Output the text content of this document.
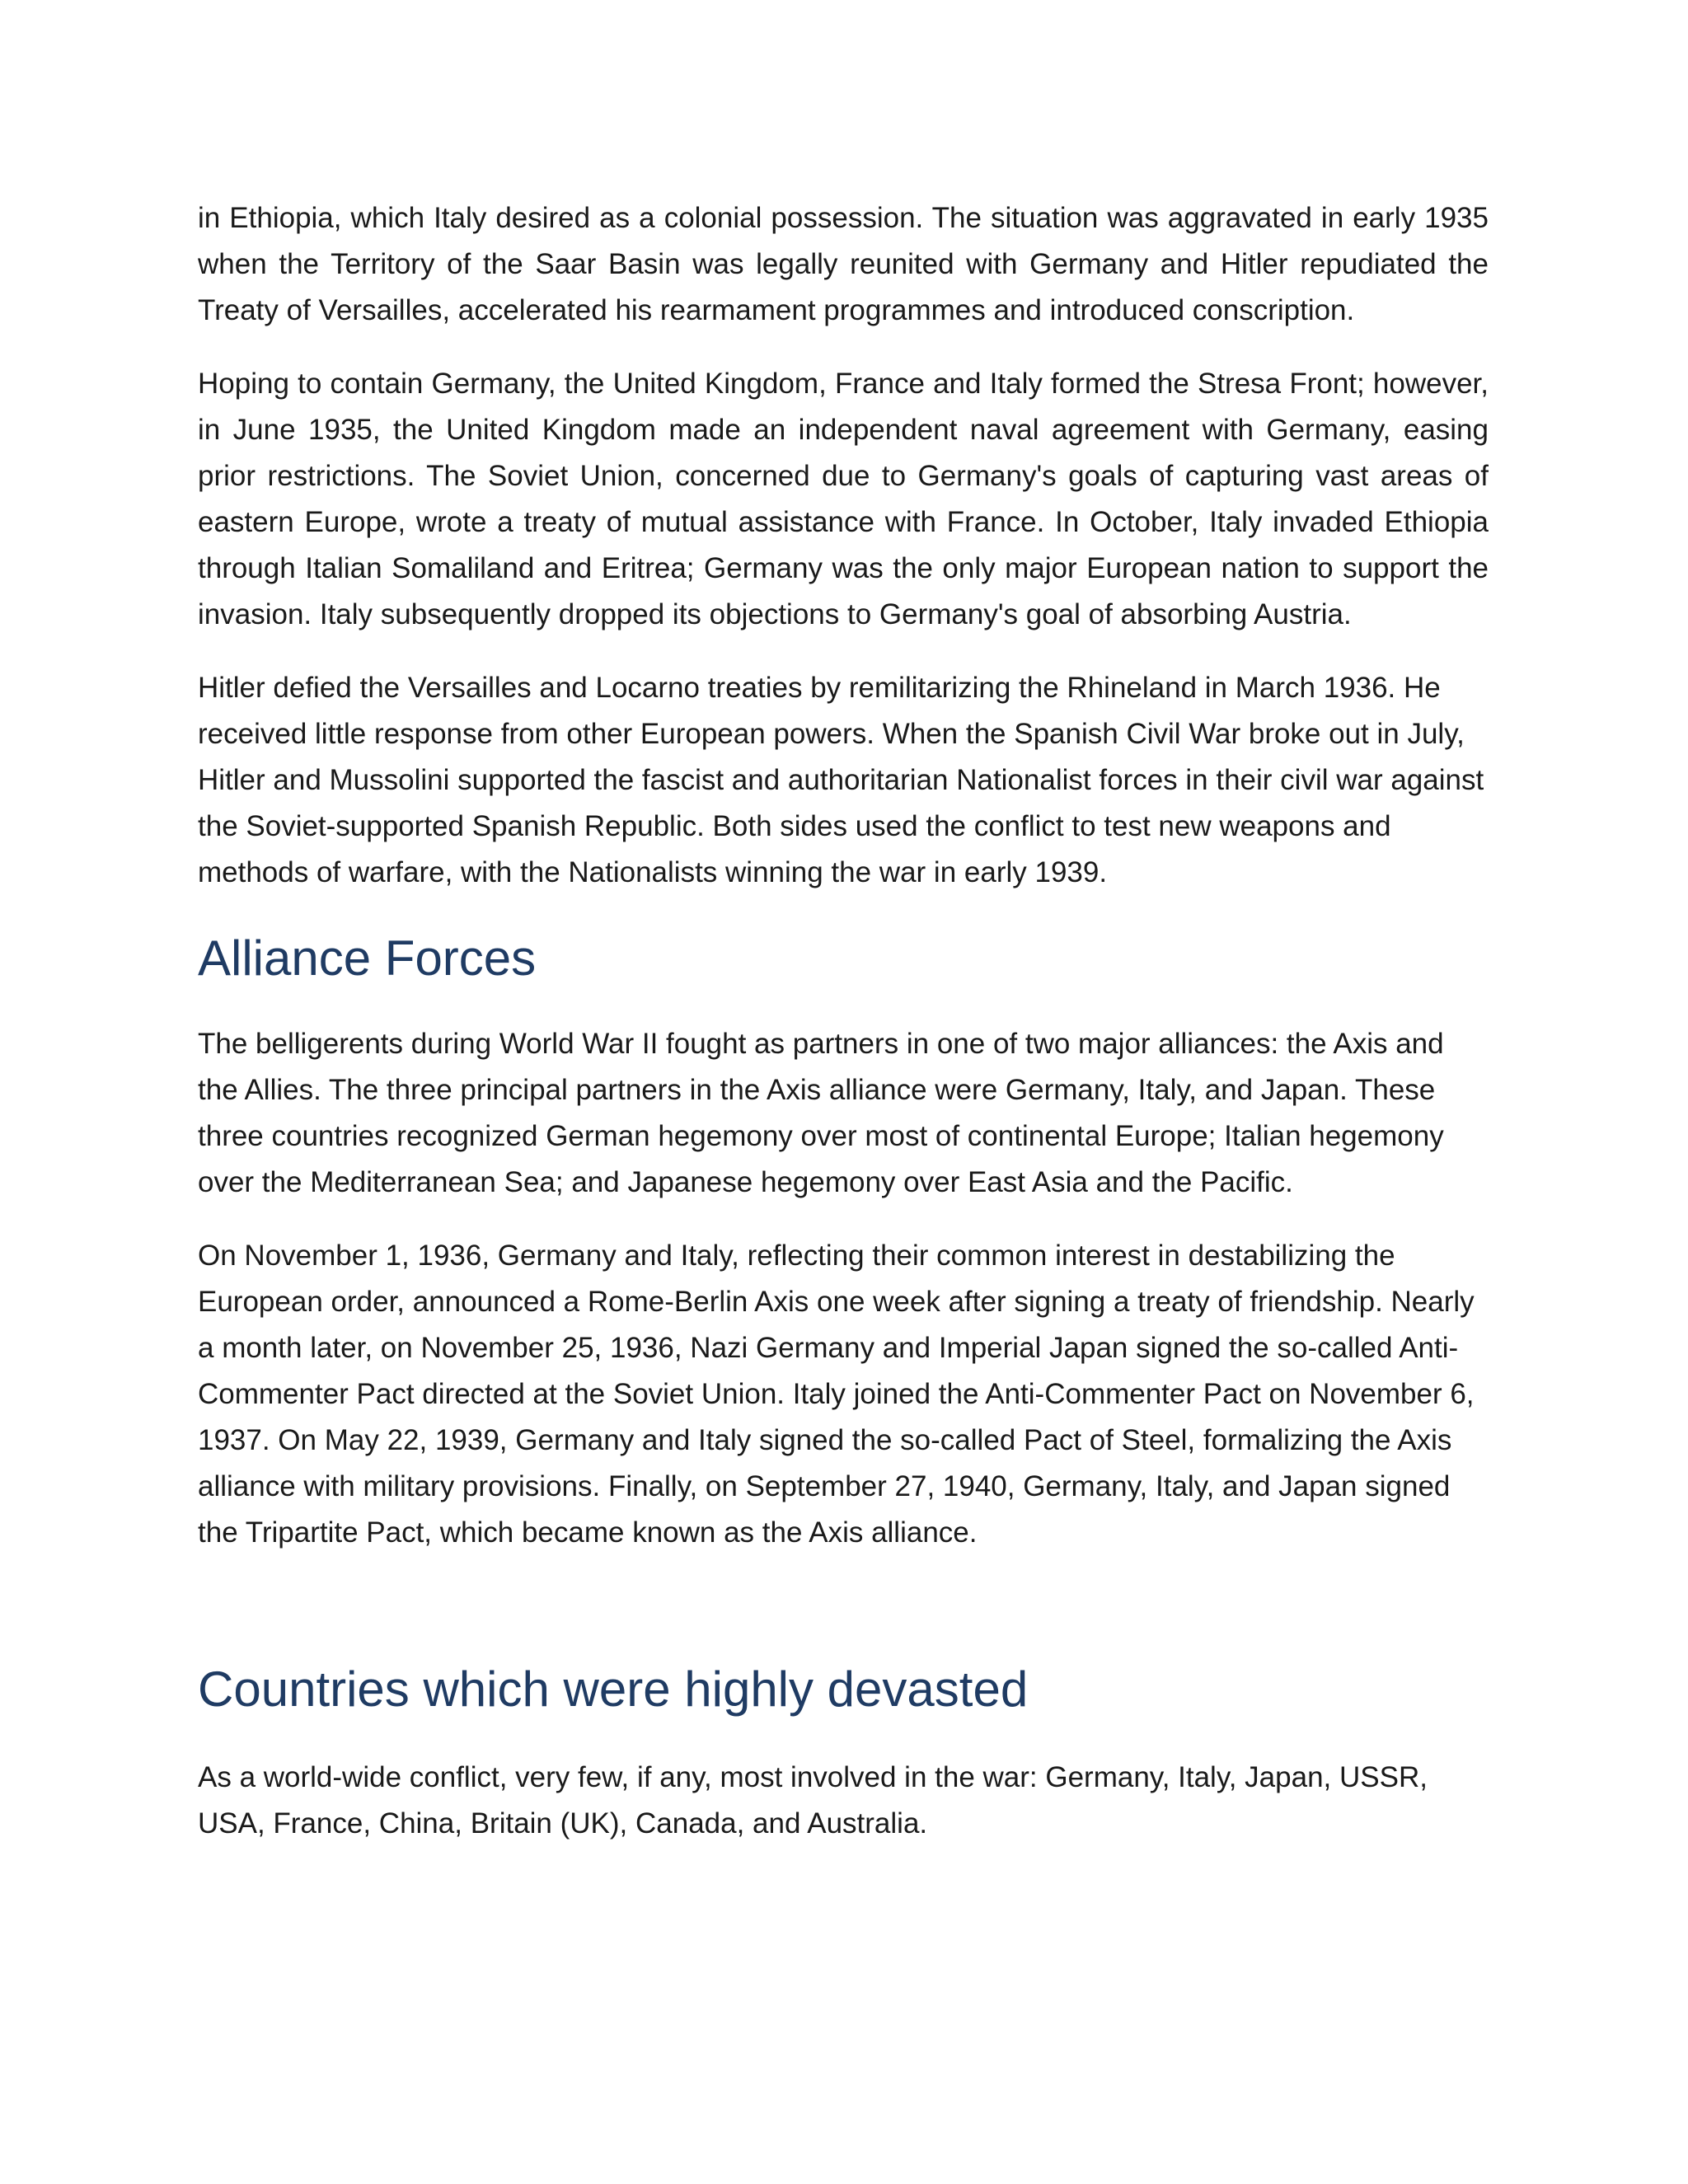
in Ethiopia, which Italy desired as a colonial possession. The situation was aggravated in early 1935 when the Territory of the Saar Basin was legally reunited with Germany and Hitler repudiated the Treaty of Versailles, accelerated his rearmament programmes and introduced conscription.

Hoping to contain Germany, the United Kingdom, France and Italy formed the Stresa Front; however, in June 1935, the United Kingdom made an independent naval agreement with Germany, easing prior restrictions. The Soviet Union, concerned due to Germany's goals of capturing vast areas of eastern Europe, wrote a treaty of mutual assistance with France. In October, Italy invaded Ethiopia through Italian Somaliland and Eritrea; Germany was the only major European nation to support the invasion. Italy subsequently dropped its objections to Germany's goal of absorbing Austria.

Hitler defied the Versailles and Locarno treaties by remilitarizing the Rhineland in March 1936. He received little response from other European powers. When the Spanish Civil War broke out in July, Hitler and Mussolini supported the fascist and authoritarian Nationalist forces in their civil war against the Soviet-supported Spanish Republic. Both sides used the conflict to test new weapons and methods of warfare, with the Nationalists winning the war in early 1939.

Alliance Forces

The belligerents during World War II fought as partners in one of two major alliances: the Axis and the Allies. The three principal partners in the Axis alliance were Germany, Italy, and Japan. These three countries recognized German hegemony over most of continental Europe; Italian hegemony over the Mediterranean Sea; and Japanese hegemony over East Asia and the Pacific.

On November 1, 1936, Germany and Italy, reflecting their common interest in destabilizing the European order, announced a Rome-Berlin Axis one week after signing a treaty of friendship. Nearly a month later, on November 25, 1936, Nazi Germany and Imperial Japan signed the so-called Anti-Commenter Pact directed at the Soviet Union. Italy joined the Anti-Commenter Pact on November 6, 1937. On May 22, 1939, Germany and Italy signed the so-called Pact of Steel, formalizing the Axis alliance with military provisions. Finally, on September 27, 1940, Germany, Italy, and Japan signed the Tripartite Pact, which became known as the Axis alliance.

Countries which were highly devasted

As a world-wide conflict, very few, if any, most involved in the war: Germany, Italy, Japan, USSR, USA, France, China, Britain (UK), Canada, and Australia.
